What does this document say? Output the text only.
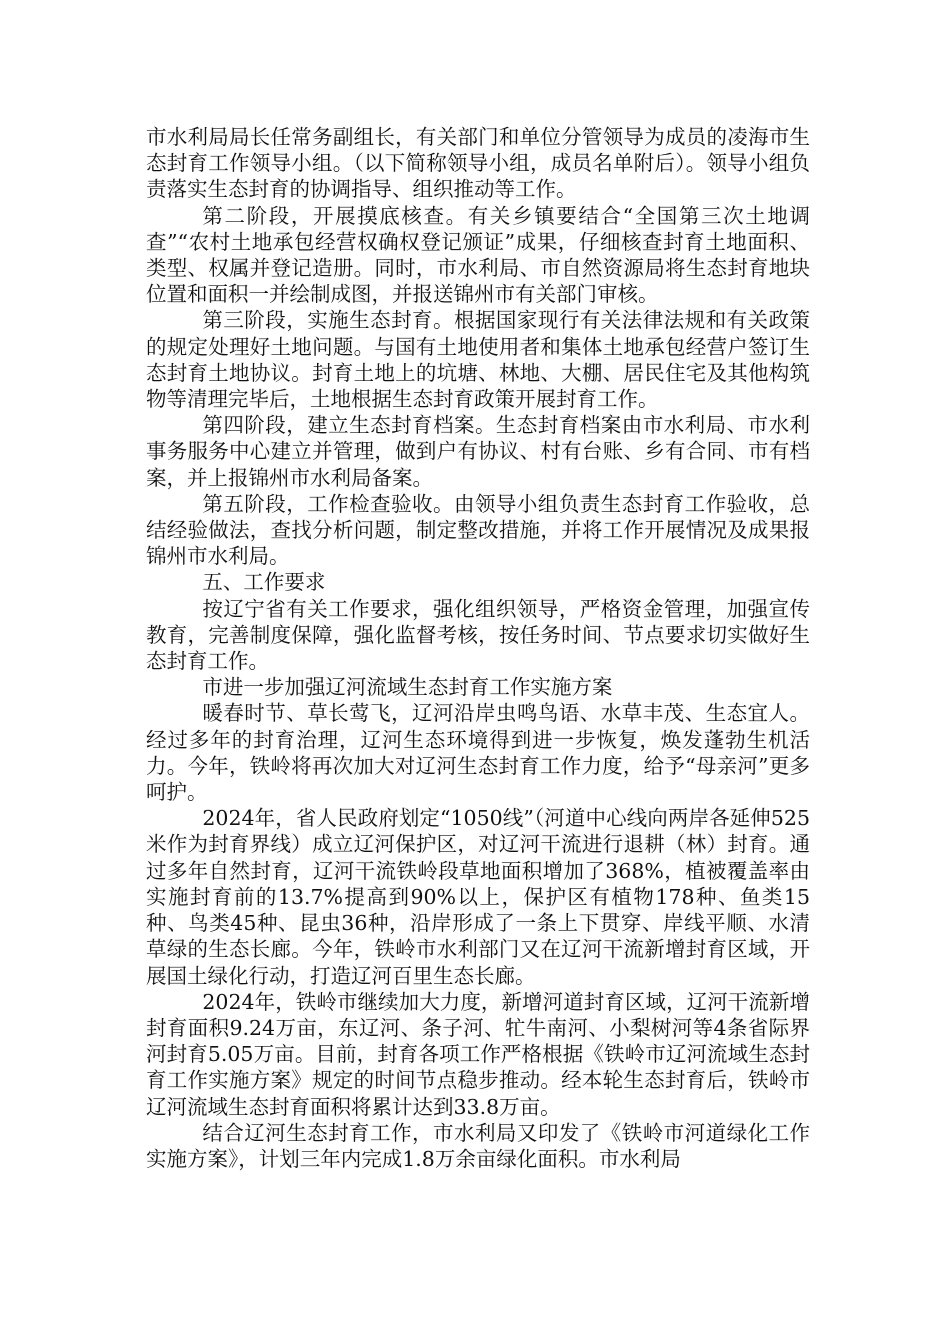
市水利局局长任常务副组长，有关部门和单位分管领导为成员的凌海市生态封育工作领导小组。（以下简称领导小组，成员名单附后）。领导小组负责落实生态封育的协调指导、组织推动等工作。

第二阶段，开展摸底核查。有关乡镇要结合“全国第三次土地调查”“农村土地承包经营权确权登记颁证”成果，仔细核查封育土地面积、类型、权属并登记造册。同时，市水利局、市自然资源局将生态封育地块位置和面积一并绘制成图，并报送锦州市有关部门审核。

第三阶段，实施生态封育。根据国家现行有关法律法规和有关政策的规定处理好土地问题。与国有土地使用者和集体土地承包经营户签订生态封育土地协议。封育土地上的坑塘、林地、大棚、居民住宅及其他构筑物等清理完毕后，土地根据生态封育政策开展封育工作。

第四阶段，建立生态封育档案。生态封育档案由市水利局、市水利事务服务中心建立并管理，做到户有协议、村有台账、乡有合同、市有档案，并上报锦州市水利局备案。

第五阶段，工作检查验收。由领导小组负责生态封育工作验收，总结经验做法，查找分析问题，制定整改措施，并将工作开展情况及成果报锦州市水利局。

五、工作要求

按辽宁省有关工作要求，强化组织领导，严格资金管理，加强宣传教育，完善制度保障，强化监督考核，按任务时间、节点要求切实做好生态封育工作。

市进一步加强辽河流域生态封育工作实施方案

暖春时节、草长莺飞，辽河沿岸虫鸣鸟语、水草丰茂、生态宜人。经过多年的封育治理，辽河生态环境得到进一步恢复，焕发蓬勃生机活力。今年，铁岭将再次加大对辽河生态封育工作力度，给予“母亲河”更多呵护。

2024年，省人民政府划定“1050线”（河道中心线向两岸各延伸525米作为封育界线）成立辽河保护区，对辽河干流进行退耕（林）封育。通过多年自然封育，辽河干流铁岭段草地面积增加了368%，植被覆盖率由实施封育前的13.7%提高到90%以上，保护区有植物178种、鱼类15种、鸟类45种、昆虫36种，沿岸形成了一条上下贯穿、岸线平顺、水清草绿的生态长廊。今年，铁岭市水利部门又在辽河干流新增封育区域，开展国土绿化行动，打造辽河百里生态长廊。

2024年，铁岭市继续加大力度，新增河道封育区域，辽河干流新增封育面积9.24万亩，东辽河、条子河、牤牛南河、小梨树河等4条省际界河封育5.05万亩。目前，封育各项工作严格根据《铁岭市辽河流域生态封育工作实施方案》规定的时间节点稳步推动。经本轮生态封育后，铁岭市辽河流域生态封育面积将累计达到33.8万亩。

结合辽河生态封育工作，市水利局又印发了《铁岭市河道绿化工作实施方案》，计划三年内完成1.8万余亩绿化面积。市水利局
